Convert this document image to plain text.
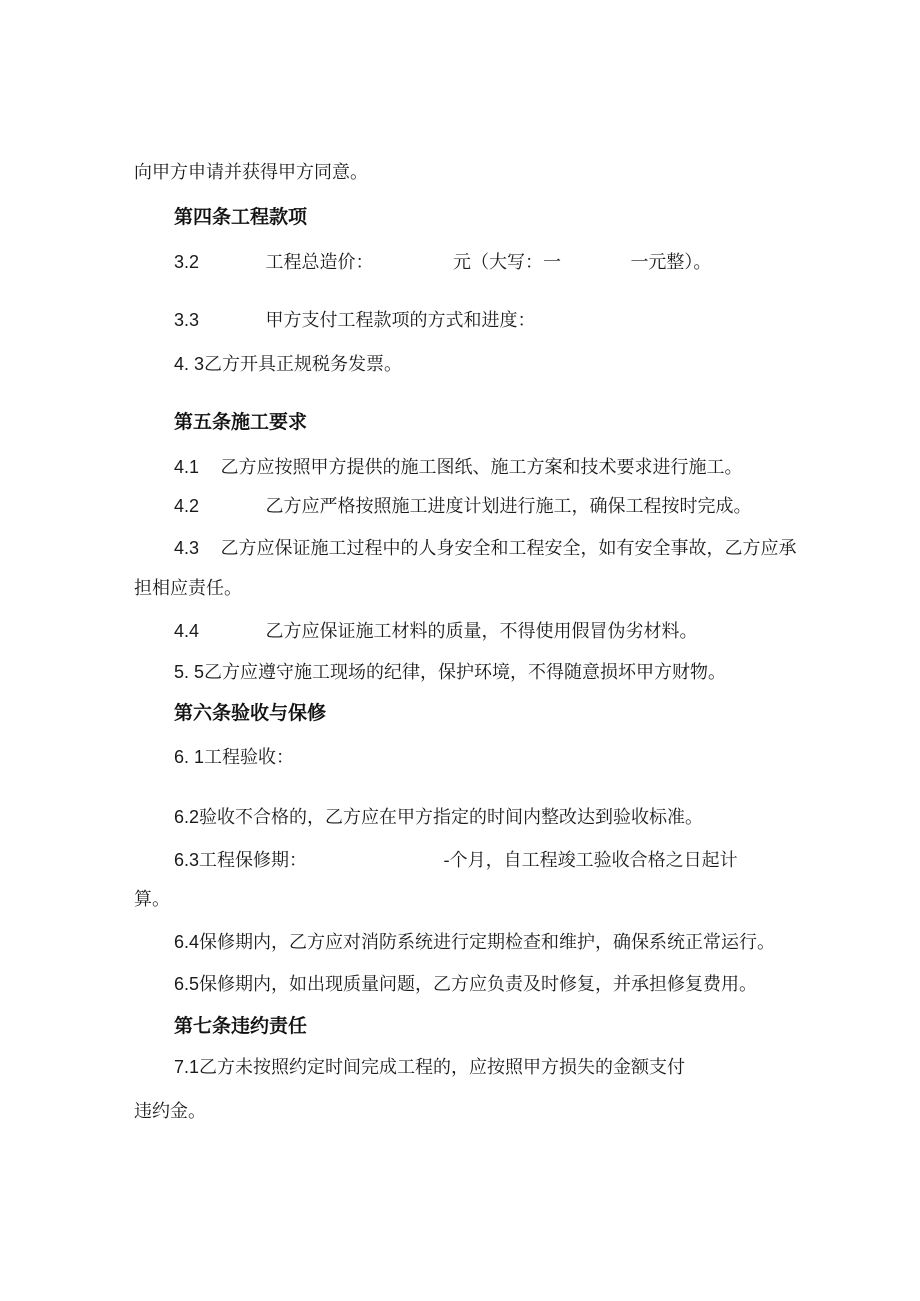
向甲方申请并获得甲方同意。
第四条工程款项
3.2	工程总造价：	元（大写：一	一元整）。
3.3	甲方支付工程款项的方式和进度：
4. 3乙方开具正规税务发票。
第五条施工要求
4.1 乙方应按照甲方提供的施工图纸、施工方案和技术要求进行施工。
4.2	乙方应严格按照施工进度计划进行施工，确保工程按时完成。
4.3 乙方应保证施工过程中的人身安全和工程安全，如有安全事故，乙方应承
担相应责任。
4.4	乙方应保证施工材料的质量，不得使用假冒伪劣材料。
5. 5乙方应遵守施工现场的纪律，保护环境，不得随意损坏甲方财物。
第六条验收与保修
6. 1工程验收：
6.2验收不合格的，乙方应在甲方指定的时间内整改达到验收标准。
6.3工程保修期：	-个月，自工程竣工验收合格之日起计
算。
6.4保修期内，乙方应对消防系统进行定期检查和维护，确保系统正常运行。
6.5保修期内，如出现质量问题，乙方应负责及时修复，并承担修复费用。
第七条违约责任
7.1乙方未按照约定时间完成工程的，应按照甲方损失的金额支付
违约金。
